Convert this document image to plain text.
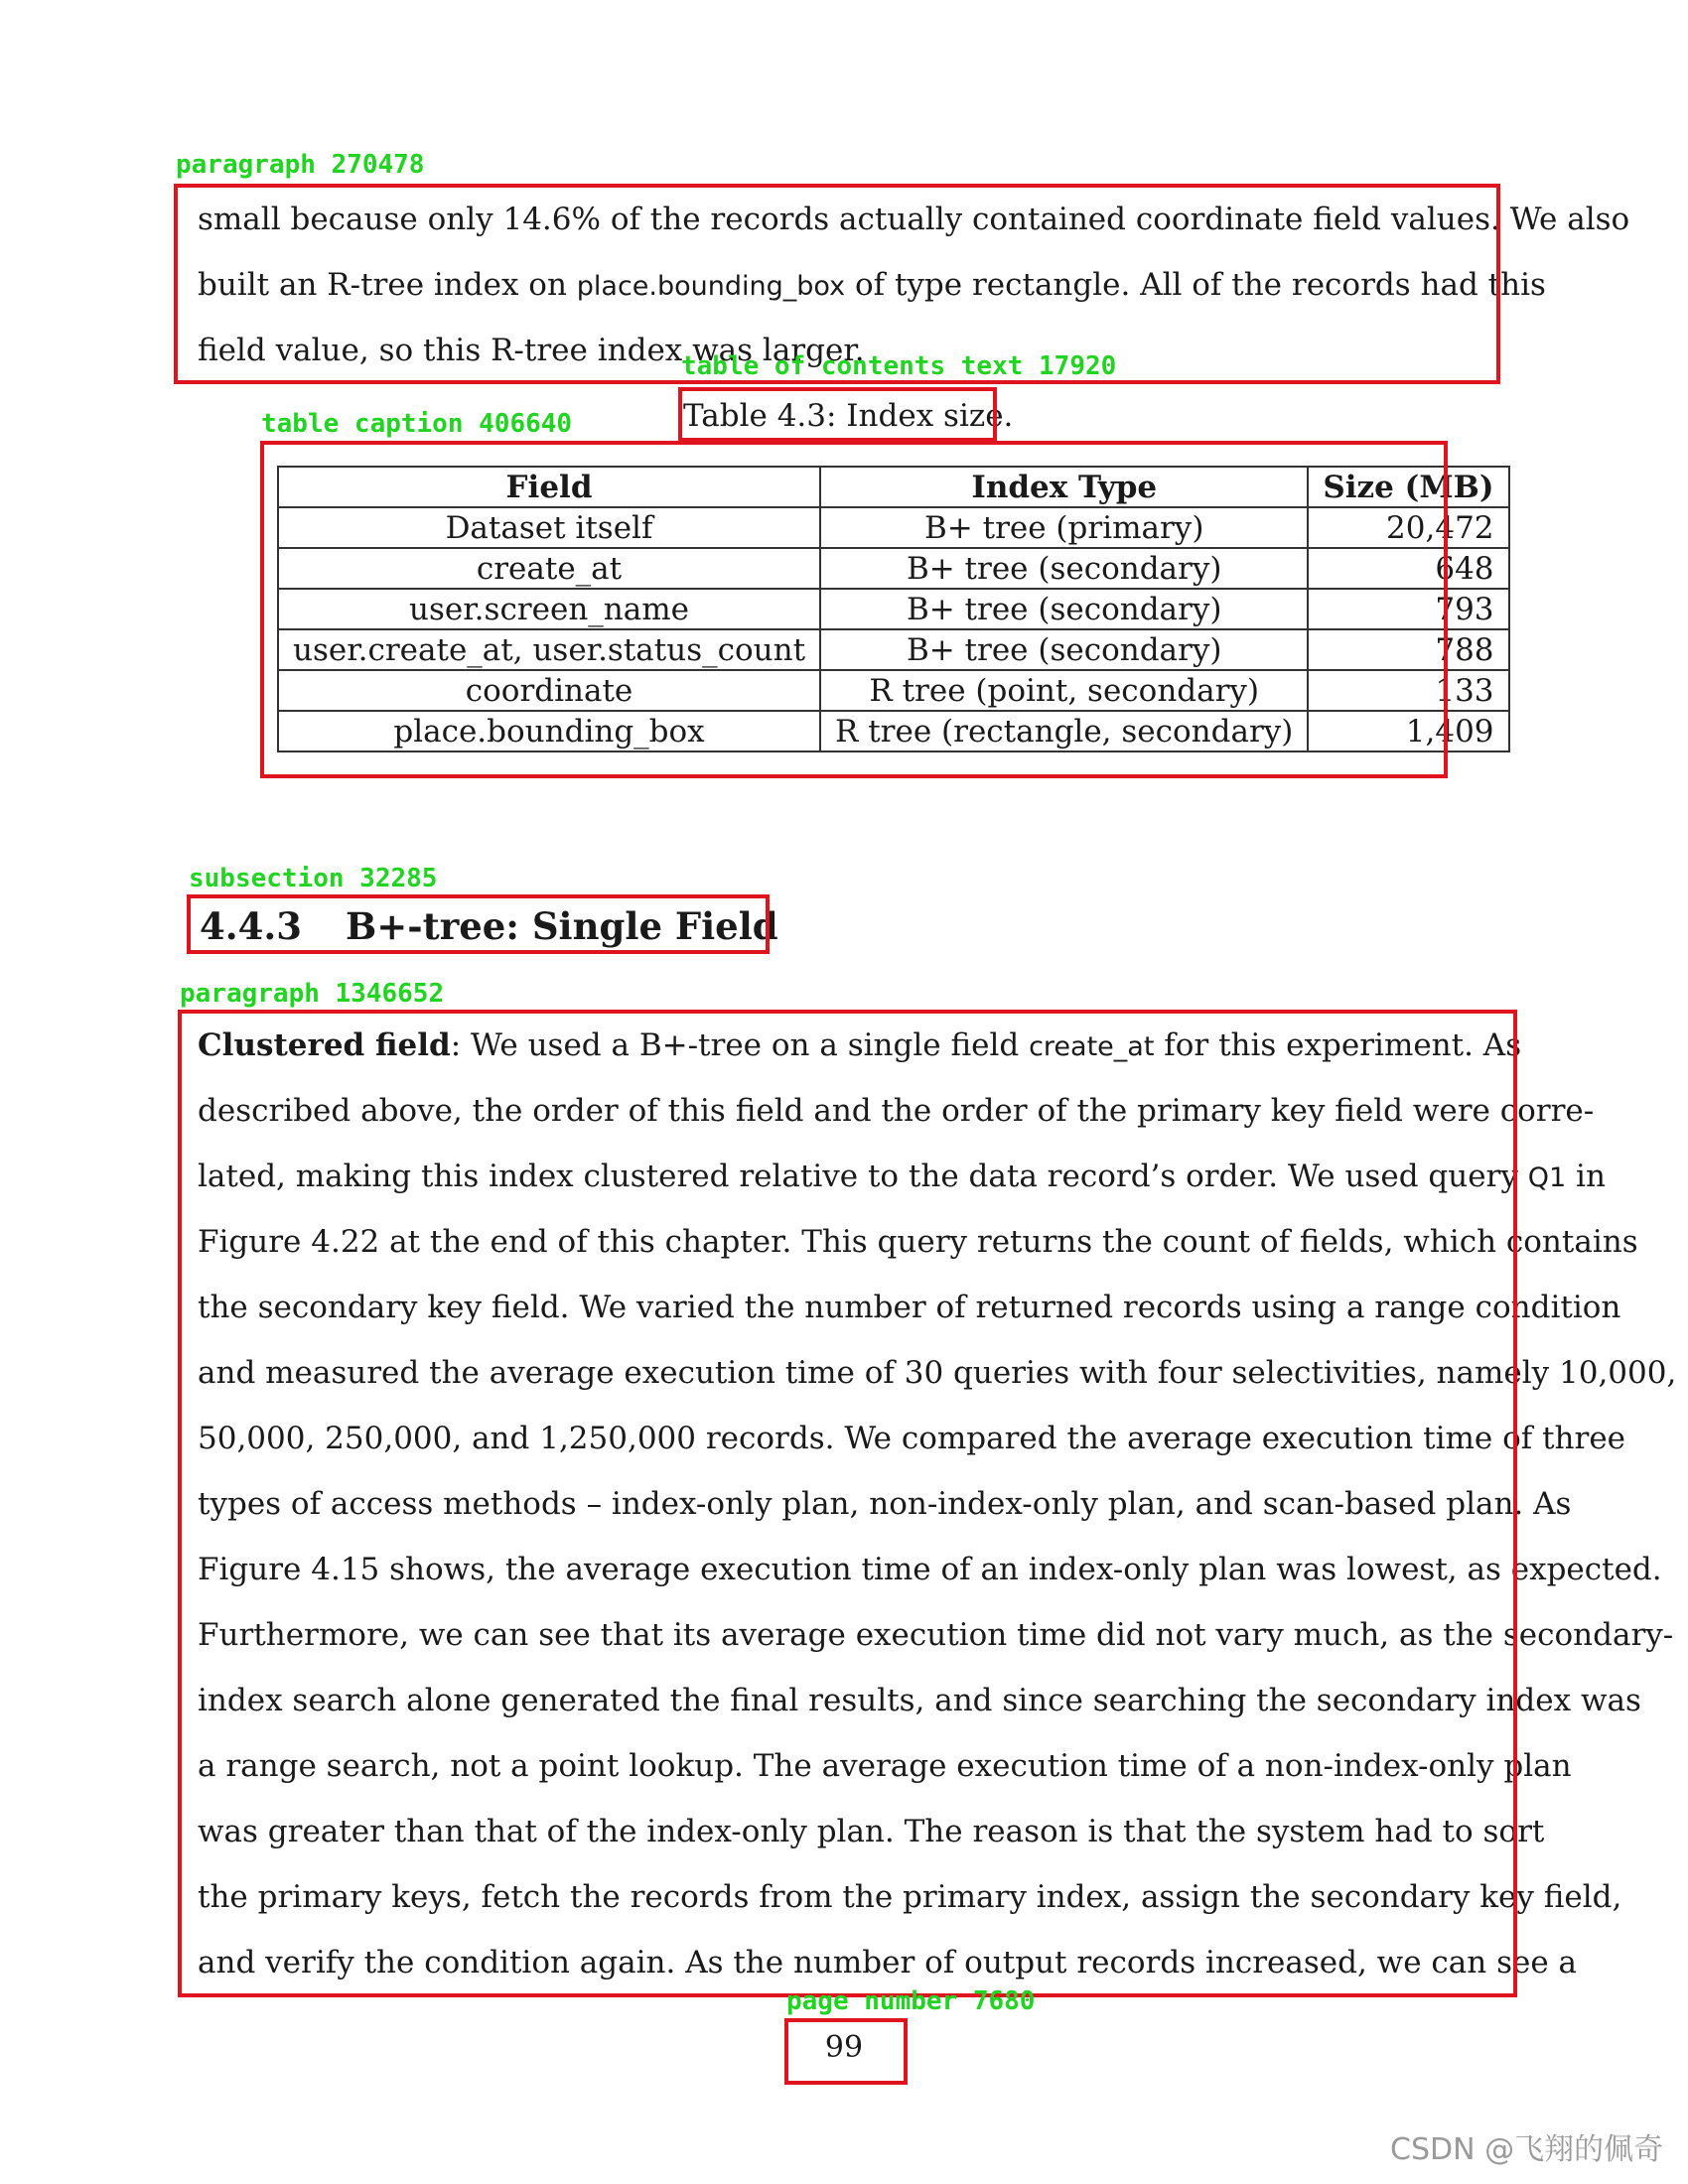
small because only 14.6% of the records actually contained coordinate field values. We also
built an R-tree index on place.bounding_box of type rectangle. All of the records had this
field value, so this R-tree index was larger.
Table 4.3: Index size.
Field	Index Type	Size (MB)
Dataset itself	B+ tree (primary)	20,472
create_at	B+ tree (secondary)	648
user.screen_name	B+ tree (secondary)	793
user.create_at, user.status_count	B+ tree (secondary)	788
coordinate	R tree (point, secondary)	133
place.bounding_box	R tree (rectangle, secondary)	1,409
4.4.3 B+-tree: Single Field
Clustered field: We used a B+-tree on a single field create_at for this experiment. As
described above, the order of this field and the order of the primary key field were corre-
lated, making this index clustered relative to the data record’s order. We used query Q1 in
Figure 4.22 at the end of this chapter. This query returns the count of fields, which contains
the secondary key field. We varied the number of returned records using a range condition
and measured the average execution time of 30 queries with four selectivities, namely 10,000,
50,000, 250,000, and 1,250,000 records. We compared the average execution time of three
types of access methods – index-only plan, non-index-only plan, and scan-based plan. As
Figure 4.15 shows, the average execution time of an index-only plan was lowest, as expected.
Furthermore, we can see that its average execution time did not vary much, as the secondary-
index search alone generated the final results, and since searching the secondary index was
a range search, not a point lookup. The average execution time of a non-index-only plan
was greater than that of the index-only plan. The reason is that the system had to sort
the primary keys, fetch the records from the primary index, assign the secondary key field,
and verify the condition again. As the number of output records increased, we can see a
99
paragraph 270478
table of contents text 17920
table caption 406640
subsection 32285
paragraph 1346652
page number 7680
CSDN @飞翔的佩奇
